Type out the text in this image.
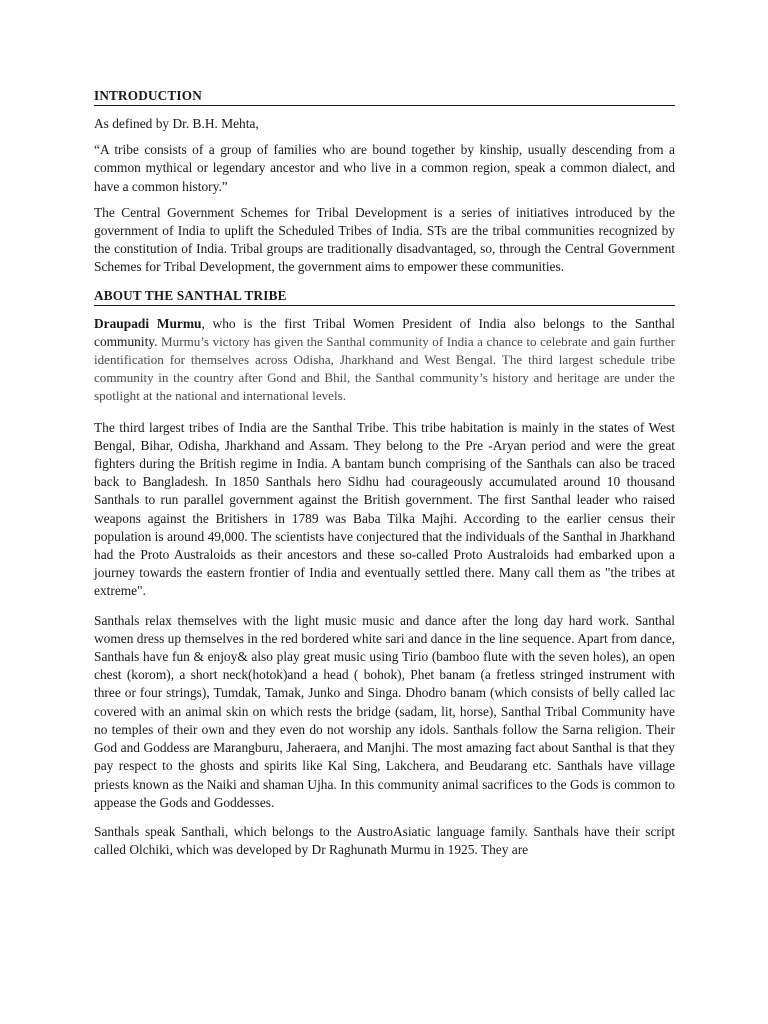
INTRODUCTION

As defined by Dr. B.H. Mehta,

“A tribe consists of a group of families who are bound together by kinship, usually descending from a common mythical or legendary ancestor and who live in a common region, speak a common dialect, and have a common history.”

The Central Government Schemes for Tribal Development is a series of initiatives introduced by the government of India to uplift the Scheduled Tribes of India. STs are the tribal communities recognized by the constitution of India. Tribal groups are traditionally disadvantaged, so, through the Central Government Schemes for Tribal Development, the government aims to empower these communities.

ABOUT THE SANTHAL TRIBE

Draupadi Murmu, who is the first Tribal Women President of India also belongs to the Santhal community. Murmu’s victory has given the Santhal community of India a chance to celebrate and gain further identification for themselves across Odisha, Jharkhand and West Bengal. The third largest schedule tribe community in the country after Gond and Bhil, the Santhal community’s history and heritage are under the spotlight at the national and international levels.

The third largest tribes of India are the Santhal Tribe. This tribe habitation is mainly in the states of West Bengal, Bihar, Odisha, Jharkhand and Assam. They belong to the Pre -Aryan period and were the great fighters during the British regime in India. A bantam bunch comprising of the Santhals can also be traced back to Bangladesh. In 1850 Santhals hero Sidhu had courageously accumulated around 10 thousand Santhals to run parallel government against the British government. The first Santhal leader who raised weapons against the Britishers in 1789 was Baba Tilka Majhi. According to the earlier census their population is around 49,000. The scientists have conjectured that the individuals of the Santhal in Jharkhand had the Proto Australoids as their ancestors and these so-called Proto Australoids had embarked upon a journey towards the eastern frontier of India and eventually settled there. Many call them as "the tribes at extreme".

Santhals relax themselves with the light music music and dance after the long day hard work. Santhal women dress up themselves in the red bordered white sari and dance in the line sequence. Apart from dance, Santhals have fun & enjoy& also play great music using Tirio (bamboo flute with the seven holes), an open chest (korom), a short neck(hotok)and a head ( bohok), Phet banam (a fretless stringed instrument with three or four strings), Tumdak, Tamak, Junko and Singa. Dhodro banam (which consists of belly called lac covered with an animal skin on which rests the bridge (sadam, lit, horse), Santhal Tribal Community have no temples of their own and they even do not worship any idols. Santhals follow the Sarna religion. Their God and Goddess are Marangburu, Jaheraera, and Manjhi. The most amazing fact about Santhal is that they pay respect to the ghosts and spirits like Kal Sing, Lakchera, and Beudarang etc. Santhals have village priests known as the Naiki and shaman Ujha. In this community animal sacrifices to the Gods is common to appease the Gods and Goddesses.

Santhals speak Santhali, which belongs to the AustroAsiatic language family. Santhals have their script called Olchiki, which was developed by Dr Raghunath Murmu in 1925. They are
